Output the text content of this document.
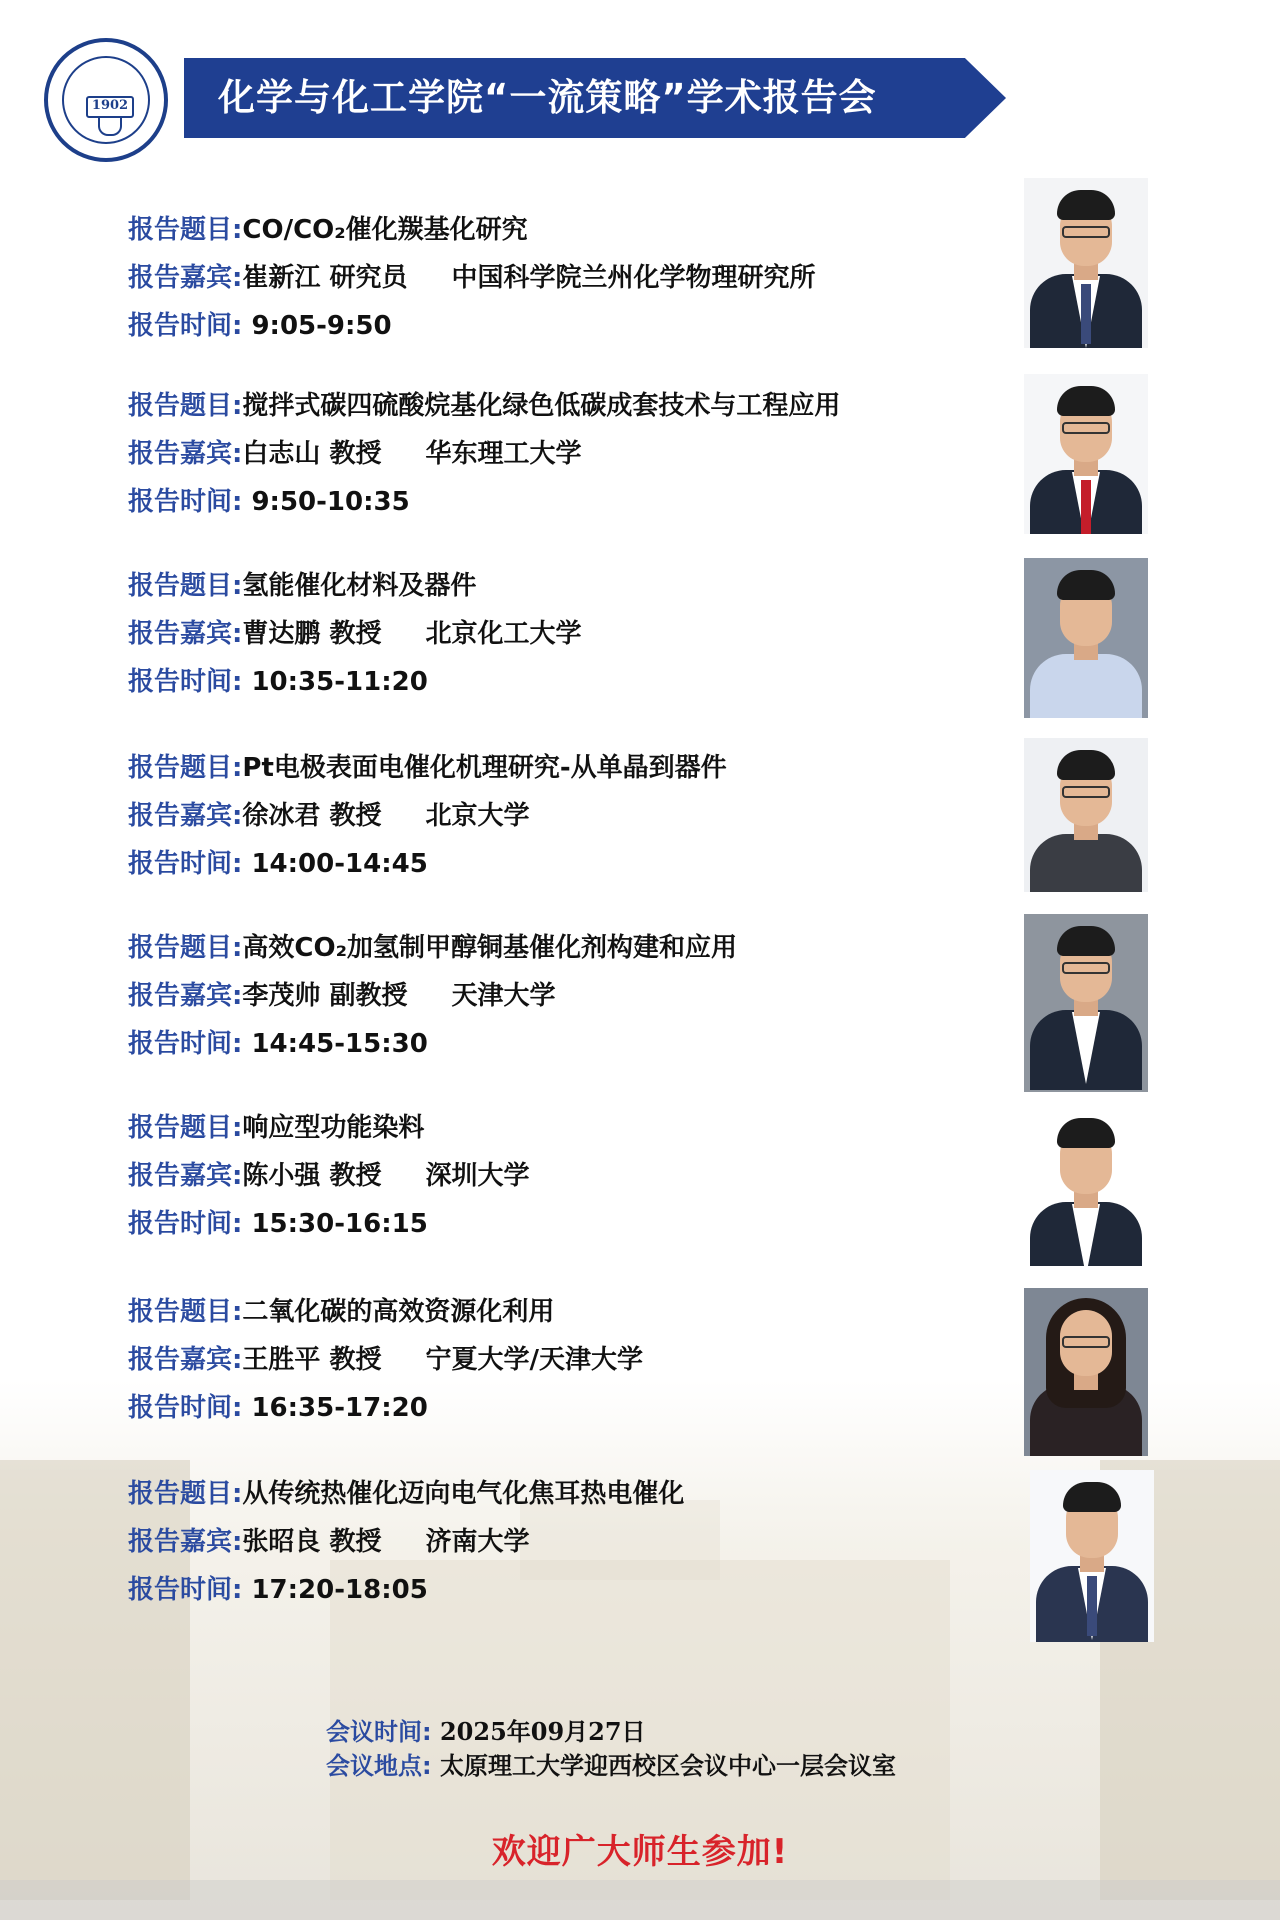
1902 化学与化工学院“一流策略”学术报告会
报告题目:CO/CO₂催化羰基化研究
报告嘉宾:崔新江 研究员 中国科学院兰州化学物理研究所
报告时间: 9:05-9:50
报告题目:搅拌式碳四硫酸烷基化绿色低碳成套技术与工程应用
报告嘉宾:白志山 教授 华东理工大学
报告时间: 9:50-10:35
报告题目:氢能催化材料及器件
报告嘉宾:曹达鹏 教授 北京化工大学
报告时间: 10:35-11:20
报告题目:Pt电极表面电催化机理研究-从单晶到器件
报告嘉宾:徐冰君 教授 北京大学
报告时间: 14:00-14:45
报告题目:高效CO₂加氢制甲醇铜基催化剂构建和应用
报告嘉宾:李茂帅 副教授 天津大学
报告时间: 14:45-15:30
报告题目:响应型功能染料
报告嘉宾:陈小强 教授 深圳大学
报告时间: 15:30-16:15
报告题目:二氧化碳的高效资源化利用
报告嘉宾:王胜平 教授 宁夏大学/天津大学
报告时间: 16:35-17:20
报告题目:从传统热催化迈向电气化焦耳热电催化
报告嘉宾:张昭良 教授 济南大学
报告时间: 17:20-18:05
会议时间: 2025年09月27日
会议地点: 太原理工大学迎西校区会议中心一层会议室
欢迎广大师生参加!
